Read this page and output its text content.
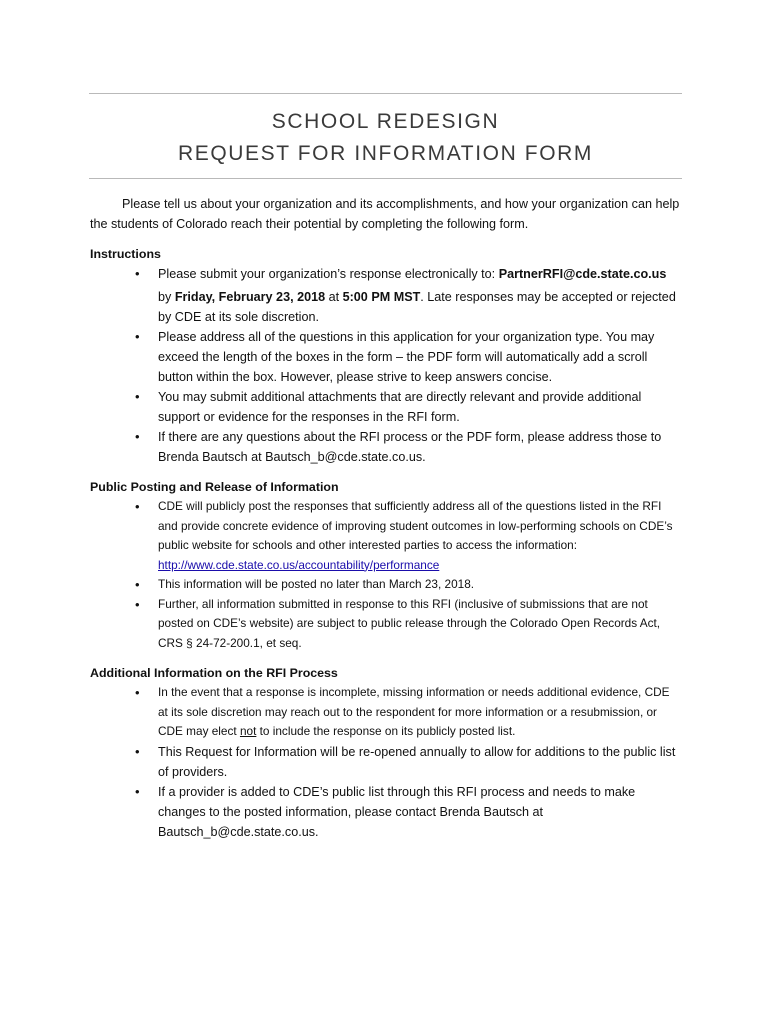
SCHOOL REDESIGN
REQUEST FOR INFORMATION FORM

Please tell us about your organization and its accomplishments, and how your organization can help the students of Colorado reach their potential by completing the following form.

Instructions

• Please submit your organization’s response electronically to: PartnerRFI@cde.state.co.us
by Friday, February 23, 2018 at 5:00 PM MST. Late responses may be accepted or rejected by CDE at its sole discretion.
• Please address all of the questions in this application for your organization type. You may exceed the length of the boxes in the form – the PDF form will automatically add a scroll button within the box. However, please strive to keep answers concise.
• You may submit additional attachments that are directly relevant and provide additional support or evidence for the responses in the RFI form.
• If there are any questions about the RFI process or the PDF form, please address those to Brenda Bautsch at Bautsch_b@cde.state.co.us.

Public Posting and Release of Information

• CDE will publicly post the responses that sufficiently address all of the questions listed in the RFI and provide concrete evidence of improving student outcomes in low-performing schools on CDE’s public website for schools and other interested parties to access the information: http://www.cde.state.co.us/accountability/performance
• This information will be posted no later than March 23, 2018.
• Further, all information submitted in response to this RFI (inclusive of submissions that are not posted on CDE’s website) are subject to public release through the Colorado Open Records Act, CRS § 24-72-200.1, et seq.

Additional Information on the RFI Process

• In the event that a response is incomplete, missing information or needs additional evidence, CDE at its sole discretion may reach out to the respondent for more information or a resubmission, or CDE may elect not to include the response on its publicly posted list.
• This Request for Information will be re-opened annually to allow for additions to the public list of providers.
• If a provider is added to CDE’s public list through this RFI process and needs to make changes to the posted information, please contact Brenda Bautsch at Bautsch_b@cde.state.co.us.
